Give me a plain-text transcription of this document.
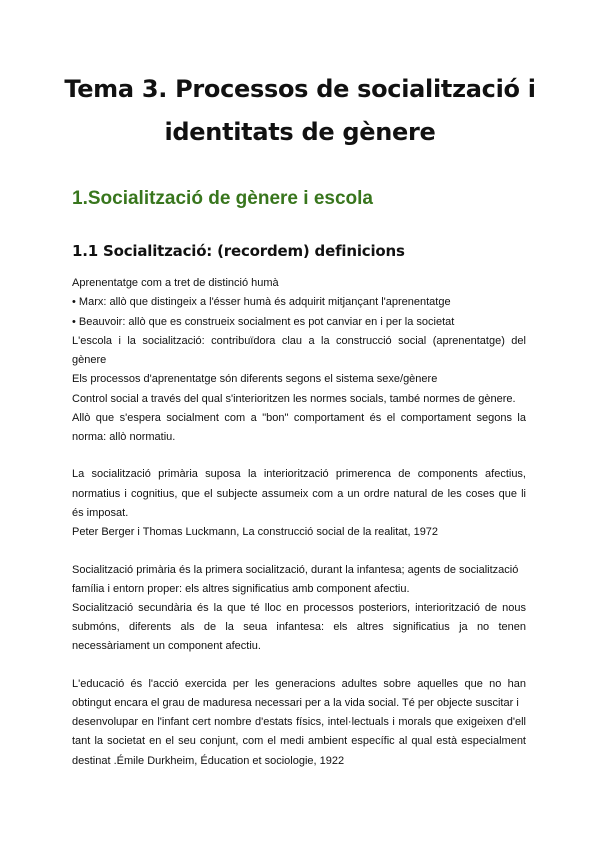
Tema 3. Processos de socialització i
identitats de gènere
1.Socialització de gènere i escola
1.1 Socialització: (recordem) definicions

Aprenentatge com a tret de distinció humà

• Marx: allò que distingeix a l'ésser humà és adquirit mitjançant l'aprenentatge

• Beauvoir: allò que es construeix socialment es pot canviar en i per la societat

L'escola i la socialització: contribuïdora clau a la construcció social (aprenentatge) del

gènere

Els processos d'aprenentatge són diferents segons el sistema sexe/gènere

Control social a través del qual s'interioritzen les normes socials, també normes de gènere.

Allò que s'espera socialment com a "bon" comportament és el comportament segons la

norma: allò normatiu.

La socialització primària suposa la interiorització primerenca de components afectius,

normatius i cognitius, que el subjecte assumeix com a un ordre natural de les coses que li

és imposat.

Peter Berger i Thomas Luckmann, La construcció social de la realitat, 1972

Socialització primària és la primera socialització, durant la infantesa; agents de socialització

família i entorn proper: els altres significatius amb component afectiu.

Socialització secundària és la que té lloc en processos posteriors, interiorització de nous

submóns, diferents als de la seua infantesa: els altres significatius ja no tenen

necessàriament un component afectiu.

L'educació és l'acció exercida per les generacions adultes sobre aquelles que no han

obtingut encara el grau de maduresa necessari per a la vida social. Té per objecte suscitar i

desenvolupar en l'infant cert nombre d'estats físics, intel·lectuals i morals que exigeixen d'ell

tant la societat en el seu conjunt, com el medi ambient específic al qual està especialment

destinat .Émile Durkheim, Éducation et sociologie, 1922
